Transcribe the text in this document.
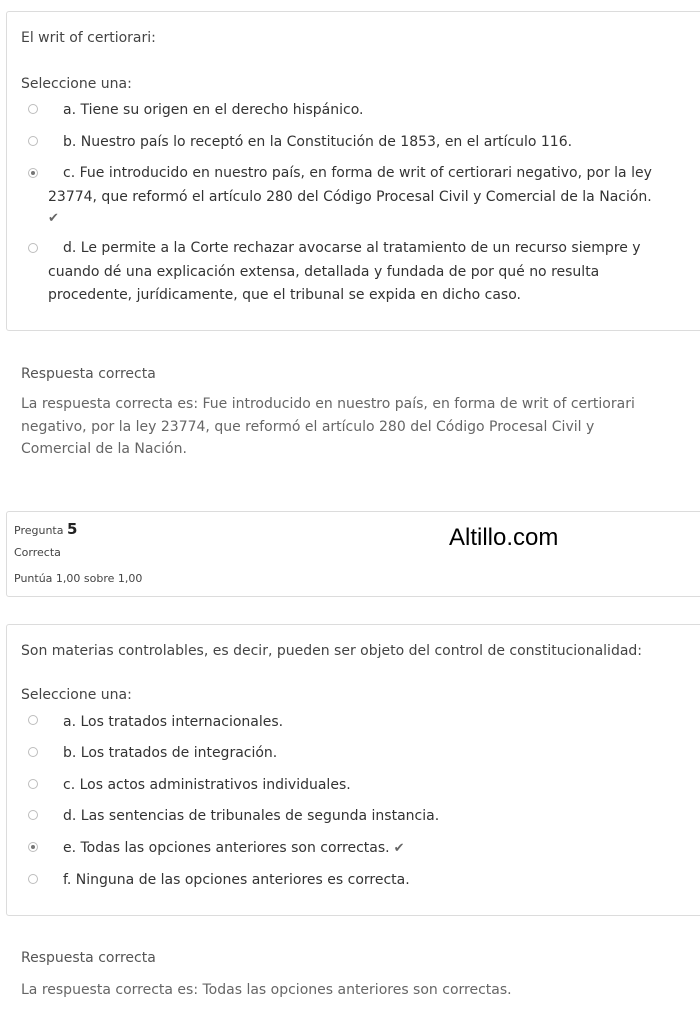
El writ of certiorari:
Seleccione una:
a. Tiene su origen en el derecho hispánico.
b. Nuestro país lo receptó en la Constitución de 1853, en el artículo 116.
c. Fue introducido en nuestro país, en forma de writ of certiorari negativo, por la ley 23774, que reformó el artículo 280 del Código Procesal Civil y Comercial de la Nación.
✔
d. Le permite a la Corte rechazar avocarse al tratamiento de un recurso siempre y cuando dé una explicación extensa, detallada y fundada de por qué no resulta procedente, jurídicamente, que el tribunal se expida en dicho caso.
Respuesta correcta
La respuesta correcta es: Fue introducido en nuestro país, en forma de writ of certiorari negativo, por la ley 23774, que reformó el artículo 280 del Código Procesal Civil y Comercial de la Nación.
Pregunta 5
Correcta
Puntúa 1,00 sobre 1,00
Altillo.com
Son materias controlables, es decir, pueden ser objeto del control de constitucionalidad:
Seleccione una:
a. Los tratados internacionales.
b. Los tratados de integración.
c. Los actos administrativos individuales.
d. Las sentencias de tribunales de segunda instancia.
e. Todas las opciones anteriores son correctas. ✔
f. Ninguna de las opciones anteriores es correcta.
Respuesta correcta
La respuesta correcta es: Todas las opciones anteriores son correctas.
